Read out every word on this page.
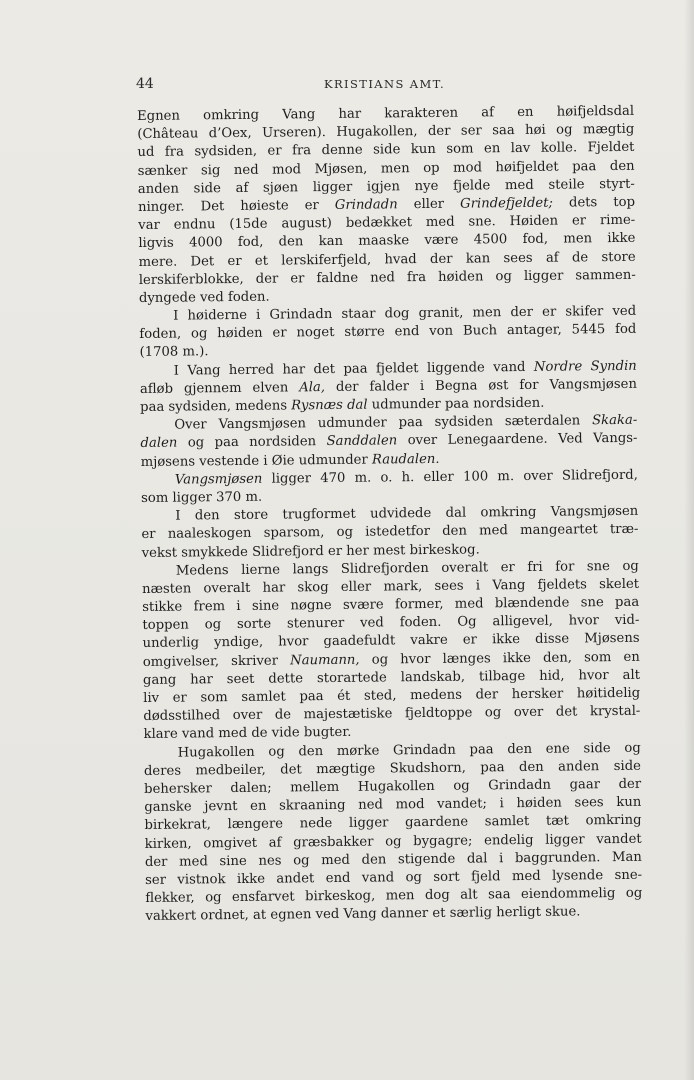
44	KRISTIANS AMT.
Egnen omkring Vang har karakteren af en høifjeldsdal
(Château d’Oex, Urseren). Hugakollen, der ser saa høi og mægtig
ud fra sydsiden, er fra denne side kun som en lav kolle. Fjeldet
sænker sig ned mod Mjøsen, men op mod høifjeldet paa den
anden side af sjøen ligger igjen nye fjelde med steile styrt-
ninger. Det høieste er Grindadn eller Grindefjeldet; dets top
var endnu (15de august) bedækket med sne. Høiden er rime-
ligvis 4000 fod, den kan maaske være 4500 fod, men ikke
mere. Det er et lerskiferfjeld, hvad der kan sees af de store
lerskiferblokke, der er faldne ned fra høiden og ligger sammen-
dyngede ved foden.
I høiderne i Grindadn staar dog granit, men der er skifer ved
foden, og høiden er noget større end von Buch antager, 5445 fod
(1708 m.).
I Vang herred har det paa fjeldet liggende vand Nordre Syndin
afløb gjennem elven Ala, der falder i Begna øst for Vangsmjøsen
paa sydsiden, medens Rysnæs dal udmunder paa nordsiden.
Over Vangsmjøsen udmunder paa sydsiden sæterdalen Skaka-
dalen og paa nordsiden Sanddalen over Lenegaardene. Ved Vangs-
mjøsens vestende i Øie udmunder Raudalen.
Vangsmjøsen ligger 470 m. o. h. eller 100 m. over Slidrefjord,
som ligger 370 m.
I den store trugformet udvidede dal omkring Vangsmjøsen
er naaleskogen sparsom, og istedetfor den med mangeartet træ-
vekst smykkede Slidrefjord er her mest birkeskog.
Medens lierne langs Slidrefjorden overalt er fri for sne og
næsten overalt har skog eller mark, sees i Vang fjeldets skelet
stikke frem i sine nøgne svære former, med blændende sne paa
toppen og sorte stenurer ved foden. Og alligevel, hvor vid-
underlig yndige, hvor gaadefuldt vakre er ikke disse Mjøsens
omgivelser, skriver Naumann, og hvor længes ikke den, som en
gang har seet dette storartede landskab, tilbage hid, hvor alt
liv er som samlet paa ét sted, medens der hersker høitidelig
dødsstilhed over de majestætiske fjeldtoppe og over det krystal-
klare vand med de vide bugter.
Hugakollen og den mørke Grindadn paa den ene side og
deres medbeiler, det mægtige Skudshorn, paa den anden side
behersker dalen; mellem Hugakollen og Grindadn gaar der
ganske jevnt en skraaning ned mod vandet; i høiden sees kun
birkekrat, længere nede ligger gaardene samlet tæt omkring
kirken, omgivet af græsbakker og bygagre; endelig ligger vandet
der med sine nes og med den stigende dal i baggrunden. Man
ser vistnok ikke andet end vand og sort fjeld med lysende sne-
flekker, og ensfarvet birkeskog, men dog alt saa eiendommelig og
vakkert ordnet, at egnen ved Vang danner et særlig herligt skue.
